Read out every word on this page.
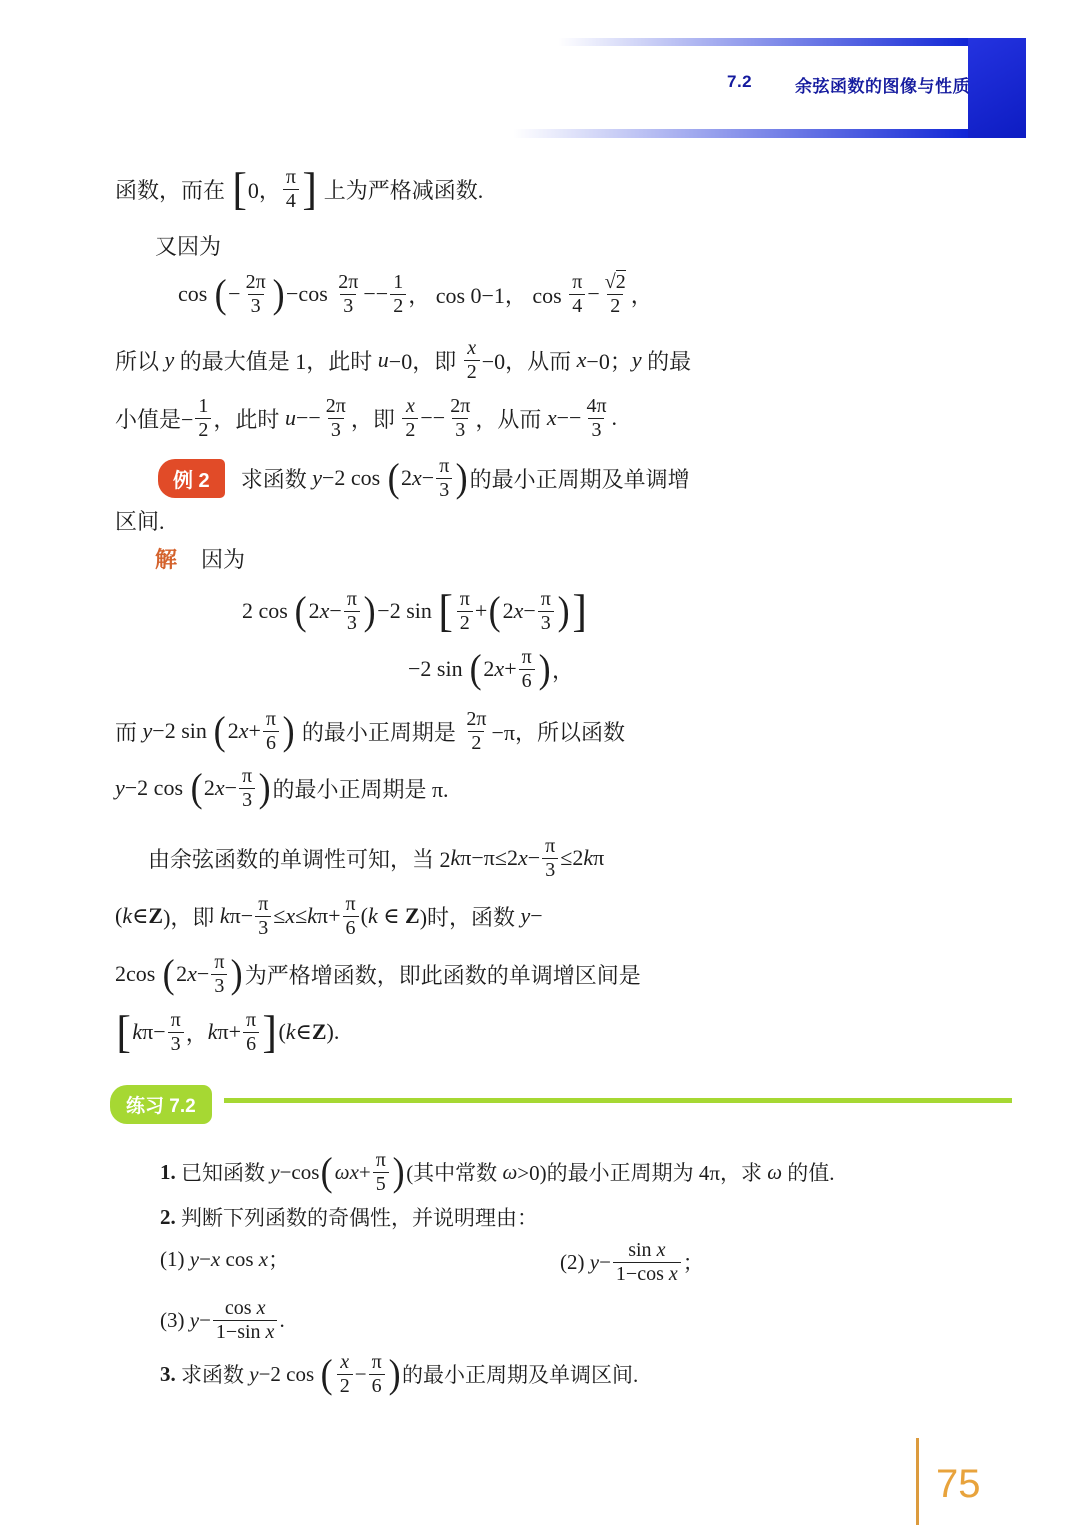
7.2	余弦函数的图像与性质
函数，而在 [ 0， $\frac{\pi}{4}$ ] 上为严格减函数.
又因为
cos ( − $\frac{2\pi}{3}$ ) $-\cos \frac{2\pi}{3} -- \frac{1}{2}$ ， cos 0−1， $\cos \frac{\pi}{4} - \frac{√2}{2}$ ，
所以 y 的最大值是 1，此时 u −0，即 $\frac{x}{2} -0$，从而 x −0； y 的最
小值是− $\frac{1}{2}$ ，此时 $u -- \frac{2\pi}{3}$ ，即 $\frac{x}{2} -- \frac{2\pi}{3}$ ，从而 $x -- \frac{4\pi}{3}$ .
例 2	求函数 y −2 cos ( 2 $x - \frac{\pi}{3}$ ) 的最小正周期及单调增
区间.
解 因为
2 cos ( 2 $x - \frac{\pi}{3}$ ) −2 sin [ $\frac{\pi}{2}$ + ( 2 $x - \frac{\pi}{3}$ ) ]
−2 sin ( 2 $x + \frac{\pi}{6}$ ) ，
而 y −2 sin ( 2 $x + \frac{\pi}{6}$ ) 的最小正周期是 $\frac{2\pi}{2} -\pi$，所以函数
y −2 cos ( 2 $x - \frac{\pi}{3}$ ) 的最小正周期是 π.
由余弦函数的单调性可知，当 2 k π−π≤2 $x - \frac{\pi}{3} \le 2$ k π
( k ∈ Z )，即 k $\pi- \frac{\pi}{3} \le x \le k$ $\pi+ \frac{\pi}{6}$ ( k ∈ Z )时，函数 y −
2cos ( 2 $x - \frac{\pi}{3}$ ) 为严格增函数，即此函数的单调增区间是
[ k $\pi- \frac{\pi}{3}$ ， k $\pi+ \frac{\pi}{6}$ ] ( k ∈ Z ).
练习 7.2
1. 已知函数 y −cos ( ω $x + \frac{\pi}{5}$ ) (其中常数 ω >0)的最小正周期为 4π，求 ω 的值.
2. 判断下列函数的奇偶性，并说明理由：
(1) y − x cos x ；	(2) $y - \frac{\text{sin x}}{\text{1−cos x}}$ ；
(3) $y - \frac{\text{cos x}}{\text{1−sin x}}$ .
3. 求函数 y −2 cos ( $\frac{x}{2} - \frac{\pi}{6}$ ) 的最小正周期及单调区间.
75
